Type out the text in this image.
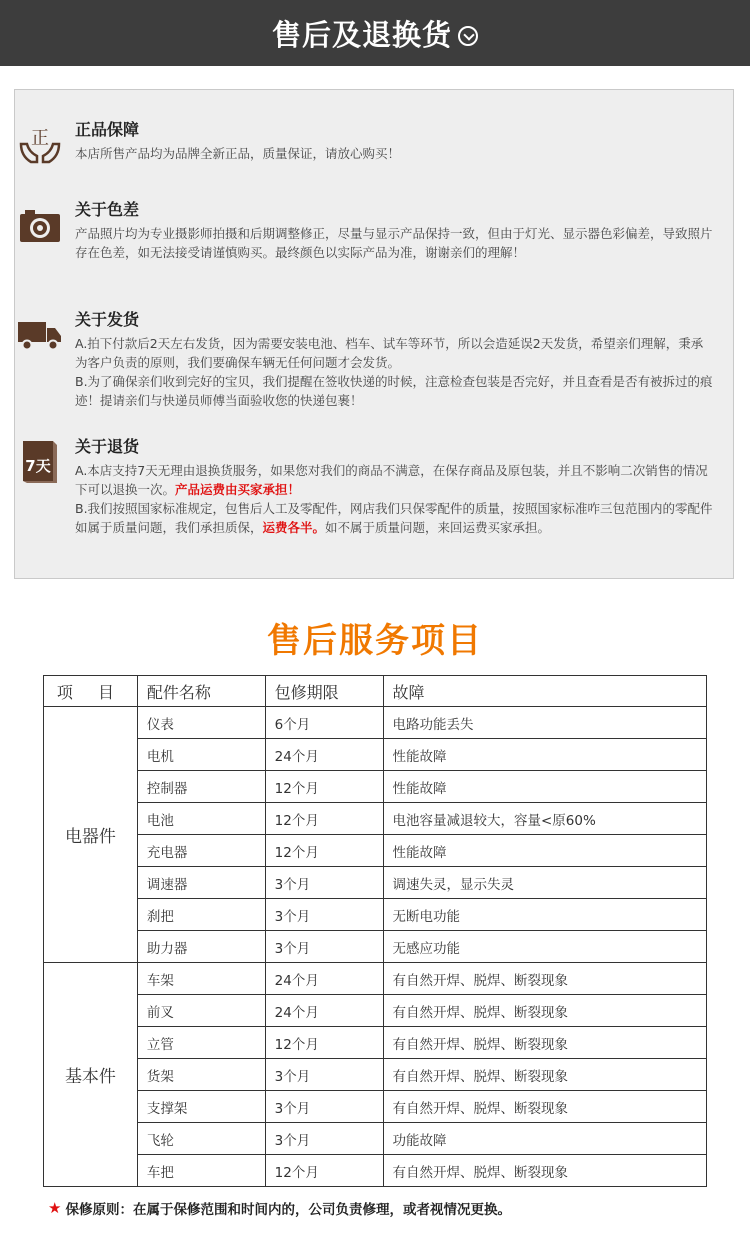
售后及退换货
正 正品保障
本店所售产品均为品牌全新正品，质量保证，请放心购买！
关于色差
产品照片均为专业摄影师拍摄和后期调整修正，尽量与显示产品保持一致，但由于灯光、显示器色彩偏差，导致照片存在色差，如无法接受请谨慎购买。最终颜色以实际产品为准，谢谢亲们的理解！
关于发货
A.拍下付款后2天左右发货，因为需要安装电池、档车、试车等环节，所以会造延误2天发货，希望亲们理解，秉承为客户负责的原则，我们要确保车辆无任何问题才会发货。
B.为了确保亲们收到完好的宝贝，我们提醒在签收快递的时候，注意检查包装是否完好，并且查看是否有被拆过的痕迹！提请亲们与快递员师傅当面验收您的快递包裹！
7天
关于退货
A.本店支持7天无理由退换货服务，如果您对我们的商品不满意，在保存商品及原包装，并且不影响二次销售的情况下可以退换一次。产品运费由买家承担！
B.我们按照国家标准规定，包售后人工及零配件，网店我们只保零配件的质量，按照国家标准咋三包范围内的零配件如属于质量问题，我们承担质保，运费各半。如不属于质量问题，来回运费买家承担。
售后服务项目
项 目	配件名称	包修期限	故障
电器件	仪表	6个月	电路功能丢失
	电机	24个月	性能故障
	控制器	12个月	性能故障
	电池	12个月	电池容量减退较大，容量<原60%
	充电器	12个月	性能故障
	调速器	3个月	调速失灵，显示失灵
	刹把	3个月	无断电功能
	助力器	3个月	无感应功能
基本件	车架	24个月	有自然开焊、脱焊、断裂现象
	前叉	24个月	有自然开焊、脱焊、断裂现象
	立管	12个月	有自然开焊、脱焊、断裂现象
	货架	3个月	有自然开焊、脱焊、断裂现象
	支撑架	3个月	有自然开焊、脱焊、断裂现象
	飞轮	3个月	功能故障
	车把	12个月	有自然开焊、脱焊、断裂现象
★ 保修原则：在属于保修范围和时间内的，公司负责修理，或者视情况更换。
